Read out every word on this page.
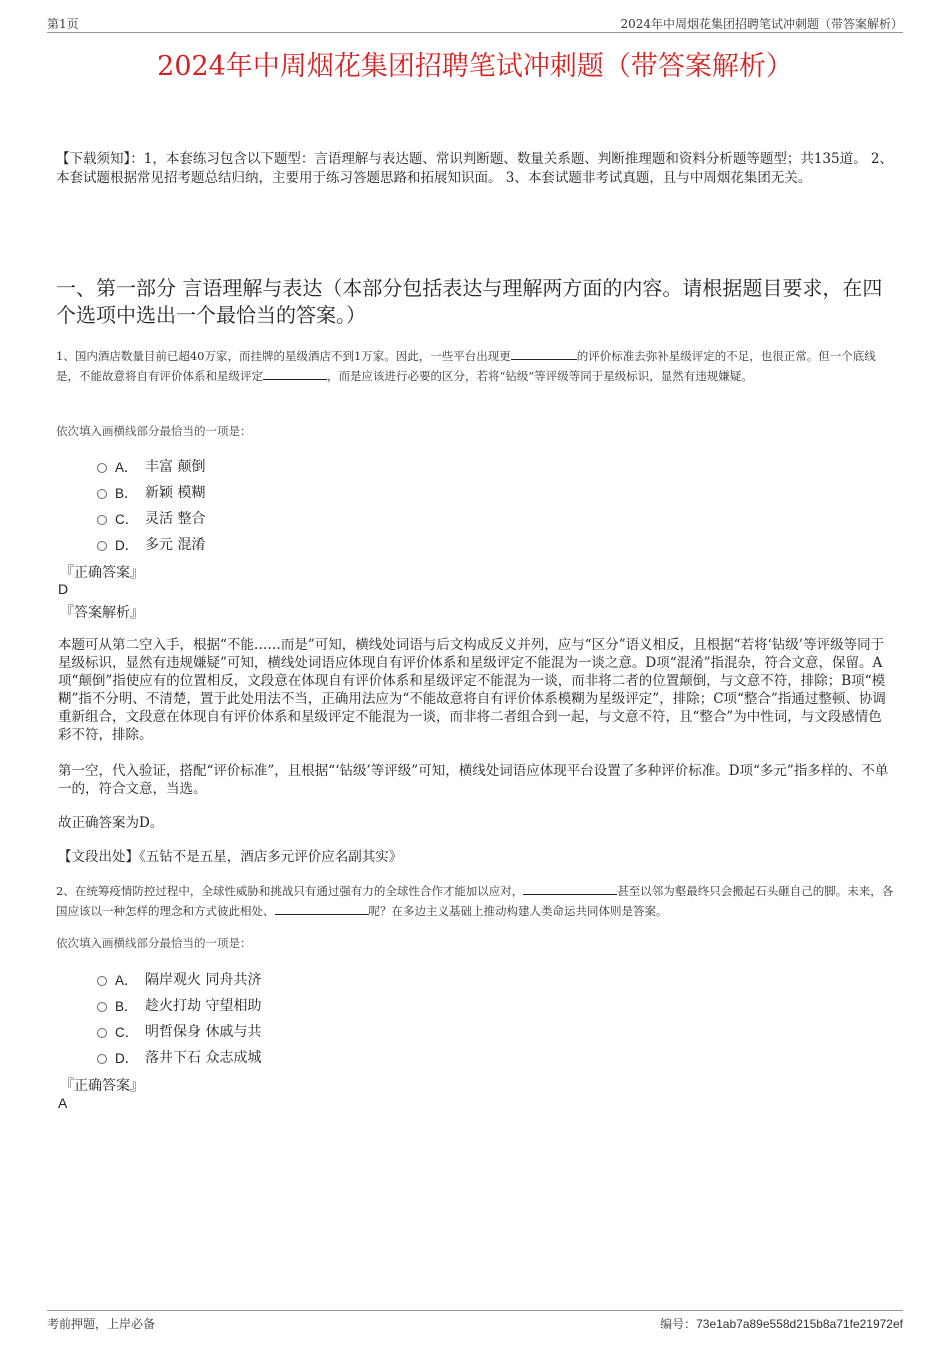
第1页	2024年中周烟花集团招聘笔试冲刺题（带答案解析）
2024年中周烟花集团招聘笔试冲刺题（带答案解析）
【下载须知】：1，本套练习包含以下题型：言语理解与表达题、常识判断题、数量关系题、判断推理题和资料分析题等题型；共135道。 2、本套试题根据常见招考题总结归纳，主要用于练习答题思路和拓展知识面。 3、本套试题非考试真题，且与中周烟花集团无关。
一、第一部分 言语理解与表达（本部分包括表达与理解两方面的内容。请根据题目要求，在四个选项中选出一个最恰当的答案。）
1、国内酒店数量目前已超40万家，而挂牌的星级酒店不到1万家。因此，一些平台出现更	的评价标准去弥补星级评定的不足，也很正常。但一个底线是，不能故意将自有评价体系和星级评定	，而是应该进行必要的区分，若将“钻级”等评级等同于星级标识，显然有违规嫌疑。
依次填入画横线部分最恰当的一项是：
A． 丰富 颠倒
B． 新颖 模糊
C． 灵活 整合
D． 多元 混淆
『正确答案』
D
『答案解析』
本题可从第二空入手，根据“不能……而是”可知，横线处词语与后文构成反义并列，应与“区分”语义相反，且根据“若将‘钻级’等评级等同于星级标识，显然有违规嫌疑”可知，横线处词语应体现自有评价体系和星级评定不能混为一谈之意。D项“混淆”指混杂，符合文意，保留。A项“颠倒”指使应有的位置相反，文段意在体现自有评价体系和星级评定不能混为一谈，而非将二者的位置颠倒，与文意不符，排除；B项“模糊”指不分明、不清楚，置于此处用法不当，正确用法应为“不能故意将自有评价体系模糊为星级评定”，排除；C项“整合”指通过整顿、协调重新组合，文段意在体现自有评价体系和星级评定不能混为一谈，而非将二者组合到一起，与文意不符，且“整合”为中性词，与文段感情色彩不符，排除。
第一空，代入验证，搭配“评价标准”，且根据“‘钻级’等评级”可知，横线处词语应体现平台设置了多种评价标准。D项“多元”指多样的、不单一的，符合文意，当选。
故正确答案为D。
【文段出处】《五钻不是五星，酒店多元评价应名副其实》
2、在统筹疫情防控过程中，全球性威胁和挑战只有通过强有力的全球性合作才能加以应对，	甚至以邻为壑最终只会搬起石头砸自己的脚。未来，各国应该以一种怎样的理念和方式彼此相处、	呢？在多边主义基础上推动构建人类命运共同体则是答案。
依次填入画横线部分最恰当的一项是：
A． 隔岸观火 同舟共济
B． 趁火打劫 守望相助
C． 明哲保身 休戚与共
D． 落井下石 众志成城
『正确答案』
A
考前押题，上岸必备	编号：73e1ab7a89e558d215b8a71fe21972ef
